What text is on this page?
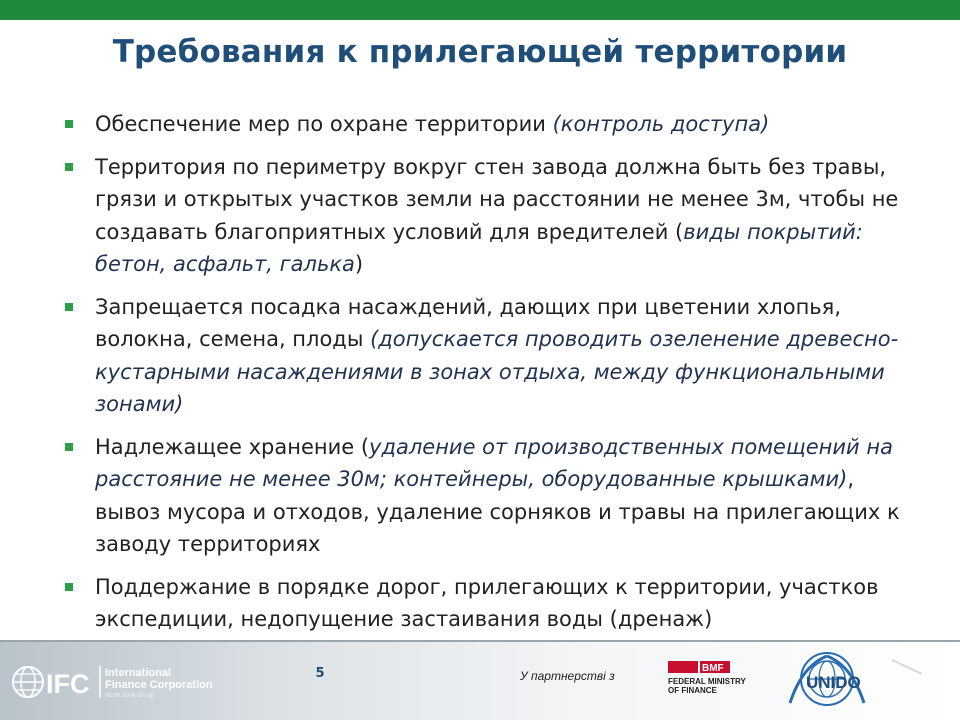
Требования к прилегающей территории
Обеспечение мер по охране территории (контроль доступа)
Территория по периметру вокруг стен завода должна быть без травы, грязи и открытых участков земли на расстоянии не менее 3м, чтобы не создавать благоприятных условий для вредителей (виды покрытий: бетон, асфальт, галька)
Запрещается посадка насаждений, дающих при цветении хлопья, волокна, семена, плоды (допускается проводить озеленение древесно-кустарными насаждениями в зонах отдыха, между функциональными зонами)
Надлежащее хранение (удаление от производственных помещений на расстояние не менее 30м; контейнеры, оборудованные крышками), вывоз мусора и отходов, удаление сорняков и травы на прилегающих к заводу территориях
Поддержание в порядке дорог, прилегающих к территории, участков экспедиции, недопущение застаивания воды (дренаж)
IFC International
Finance Corporation
World Bank Group
5	У партнерстві з
BMF
FEDERAL MINISTRY
OF FINANCE	UNIDO
